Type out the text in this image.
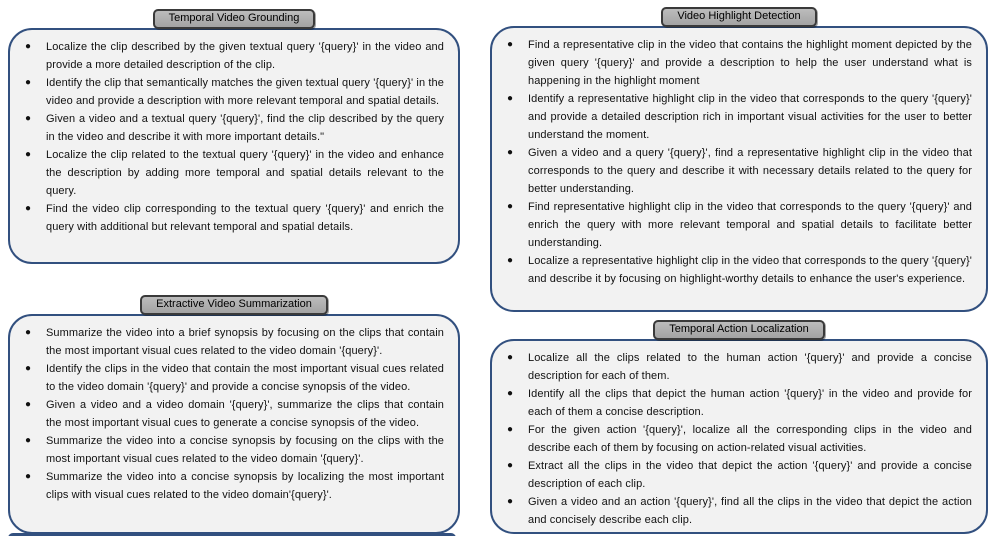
Temporal Video Grounding
● Localize the clip described by the given textual query '{query}' in the video and provide a more detailed description of the clip.
● Identify the clip that semantically matches the given textual query '{query}' in the video and provide a description with more relevant temporal and spatial details.
● Given a video and a textual query '{query}', find the clip described by the query in the video and describe it with more important details."
● Localize the clip related to the textual query '{query}' in the video and enhance the description by adding more temporal and spatial details relevant to the query.
● Find the video clip corresponding to the textual query '{query}' and enrich the query with additional but relevant temporal and spatial details.
Video Highlight Detection
● Find a representative clip in the video that contains the highlight moment depicted by the given query '{query}' and provide a description to help the user understand what is happening in the highlight moment
● Identify a representative highlight clip in the video that corresponds to the query '{query}' and provide a detailed description rich in important visual activities for the user to better understand the moment.
● Given a video and a query '{query}', find a representative highlight clip in the video that corresponds to the query and describe it with necessary details related to the query for better understanding.
● Find representative highlight clip in the video that corresponds to the query '{query}' and enrich the query with more relevant temporal and spatial details to facilitate better understanding.
● Localize a representative highlight clip in the video that corresponds to the query '{query}' and describe it by focusing on highlight-worthy details to enhance the user's experience.
Extractive Video Summarization
● Summarize the video into a brief synopsis by focusing on the clips that contain the most important visual cues related to the video domain '{query}'.
● Identify the clips in the video that contain the most important visual cues related to the video domain '{query}' and provide a concise synopsis of the video.
● Given a video and a video domain '{query}', summarize the clips that contain the most important visual cues to generate a concise synopsis of the video.
● Summarize the video into a concise synopsis by focusing on the clips with the most important visual cues related to the video domain '{query}'.
● Summarize the video into a concise synopsis by localizing the most important clips with visual cues related to the video domain'{query}'.
Temporal Action Localization
● Localize all the clips related to the human action '{query}' and provide a concise description for each of them.
● Identify all the clips that depict the human action '{query}' in the video and provide for each of them a concise description.
● For the given action '{query}', localize all the corresponding clips in the video and describe each of them by focusing on action-related visual activities.
● Extract all the clips in the video that depict the action '{query}' and provide a concise description of each clip.
● Given a video and an action '{query}', find all the clips in the video that depict the action and concisely describe each clip.
